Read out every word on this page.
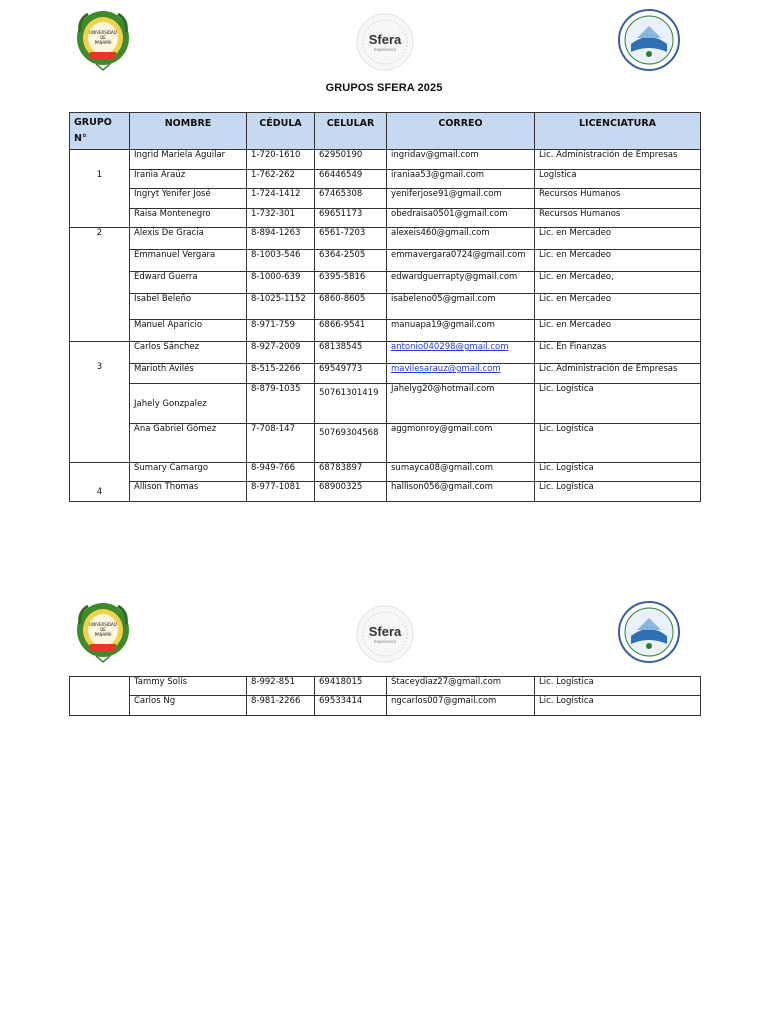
UNIVERSIDAD
DE
PANAMÁ	Sfera
Experience
GRUPOS SFERA 2025
GRUPO N°	NOMBRE	CÉDULA	CELULAR	CORREO	LICENCIATURA
1	Ingrid Mariela Aguilar	1-720-1610	62950190	ingridav@gmail.com	Lic. Administración de Empresas
	Irania Araúz	1-762-262	66446549	iraniaa53@gmail.com	Logística
	Ingryt Yenifer José	1-724-1412	67465308	yeniferjose91@gmail.com	Recursos Humanos
	Raisa Montenegro	1-732-301	69651173	obedraisa0501@gmail.com	Recursos Humanos
2	Alexis De Gracia	8-894-1263	6561-7203	alexeis460@gmail.com	Lic. en Mercadeo
	Emmanuel Vergara	8-1003-546	6364-2505	emmavergara0724@gmail.com	Lic. en Mercadeo
	Edward Guerra	8-1000-639	6395-5816	edwardguerrapty@gmail.com	Lic. en Mercadeo,
	Isabel Beleño	8-1025-1152	6860-8605	isabeleno05@gmail.com	Lic. en Mercadeo
	Manuel Aparicio	8-971-759	6866-9541	manuapa19@gmail.com	Lic. en Mercadeo
3	Carlos Sánchez	8-927-2009	68138545	antonio040298@gmail.com	Lic. En Finanzas
	Marioth Avilés	8-515-2266	69549773	mavilesarauz@gmail.com	Lic. Administración de Empresas
	Jahely Gonzpalez	8-879-1035	50761301419	Jahelyg20@hotmail.com	Lic. Logística
	Ana Gabriel Gómez	7-708-147	50769304568	aggmonroy@gmail.com	Lic. Logística
4	Sumary Camargo	8-949-766	68783897	sumayca08@gmail.com	Lic. Logística
	Allison Thomas	8-977-1081	68900325	hallison056@gmail.com	Lic. Logística
UNIVERSIDAD
DE
PANAMÁ	Sfera
Experience
	Tammy Solís	8-992-851	69418015	Staceydiaz27@gmail.com	Lic. Logística
	Carlos Ng	8-981-2266	69533414	ngcarlos007@gmail.com	Lic. Logística
